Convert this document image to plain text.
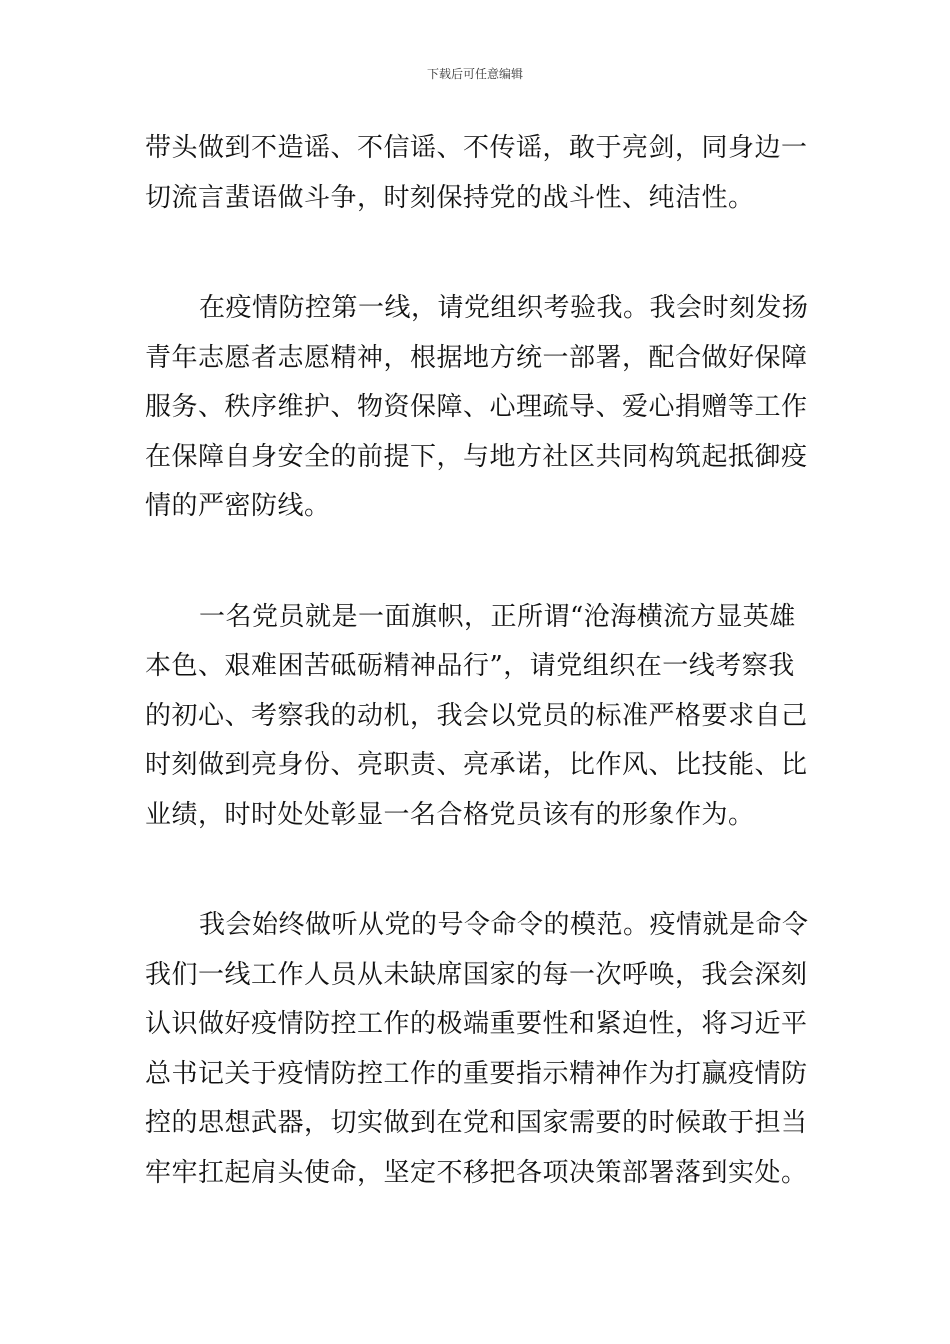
下载后可任意编辑

带头做到不造谣、不信谣、不传谣，敢于亮剑，同身边一
切流言蜚语做斗争，时刻保持党的战斗性、纯洁性。

在疫情防控第一线，请党组织考验我。我会时刻发扬
青年志愿者志愿精神，根据地方统一部署，配合做好保障
服务、秩序维护、物资保障、心理疏导、爱心捐赠等工作
在保障自身安全的前提下，与地方社区共同构筑起抵御疫
情的严密防线。

一名党员就是一面旗帜，正所谓“沧海横流方显英雄
本色、艰难困苦砥砺精神品行”，请党组织在一线考察我
的初心、考察我的动机，我会以党员的标准严格要求自己
时刻做到亮身份、亮职责、亮承诺，比作风、比技能、比
业绩，时时处处彰显一名合格党员该有的形象作为。

我会始终做听从党的号令命令的模范。疫情就是命令
我们一线工作人员从未缺席国家的每一次呼唤，我会深刻
认识做好疫情防控工作的极端重要性和紧迫性，将习近平
总书记关于疫情防控工作的重要指示精神作为打赢疫情防
控的思想武器，切实做到在党和国家需要的时候敢于担当
牢牢扛起肩头使命，坚定不移把各项决策部署落到实处。
